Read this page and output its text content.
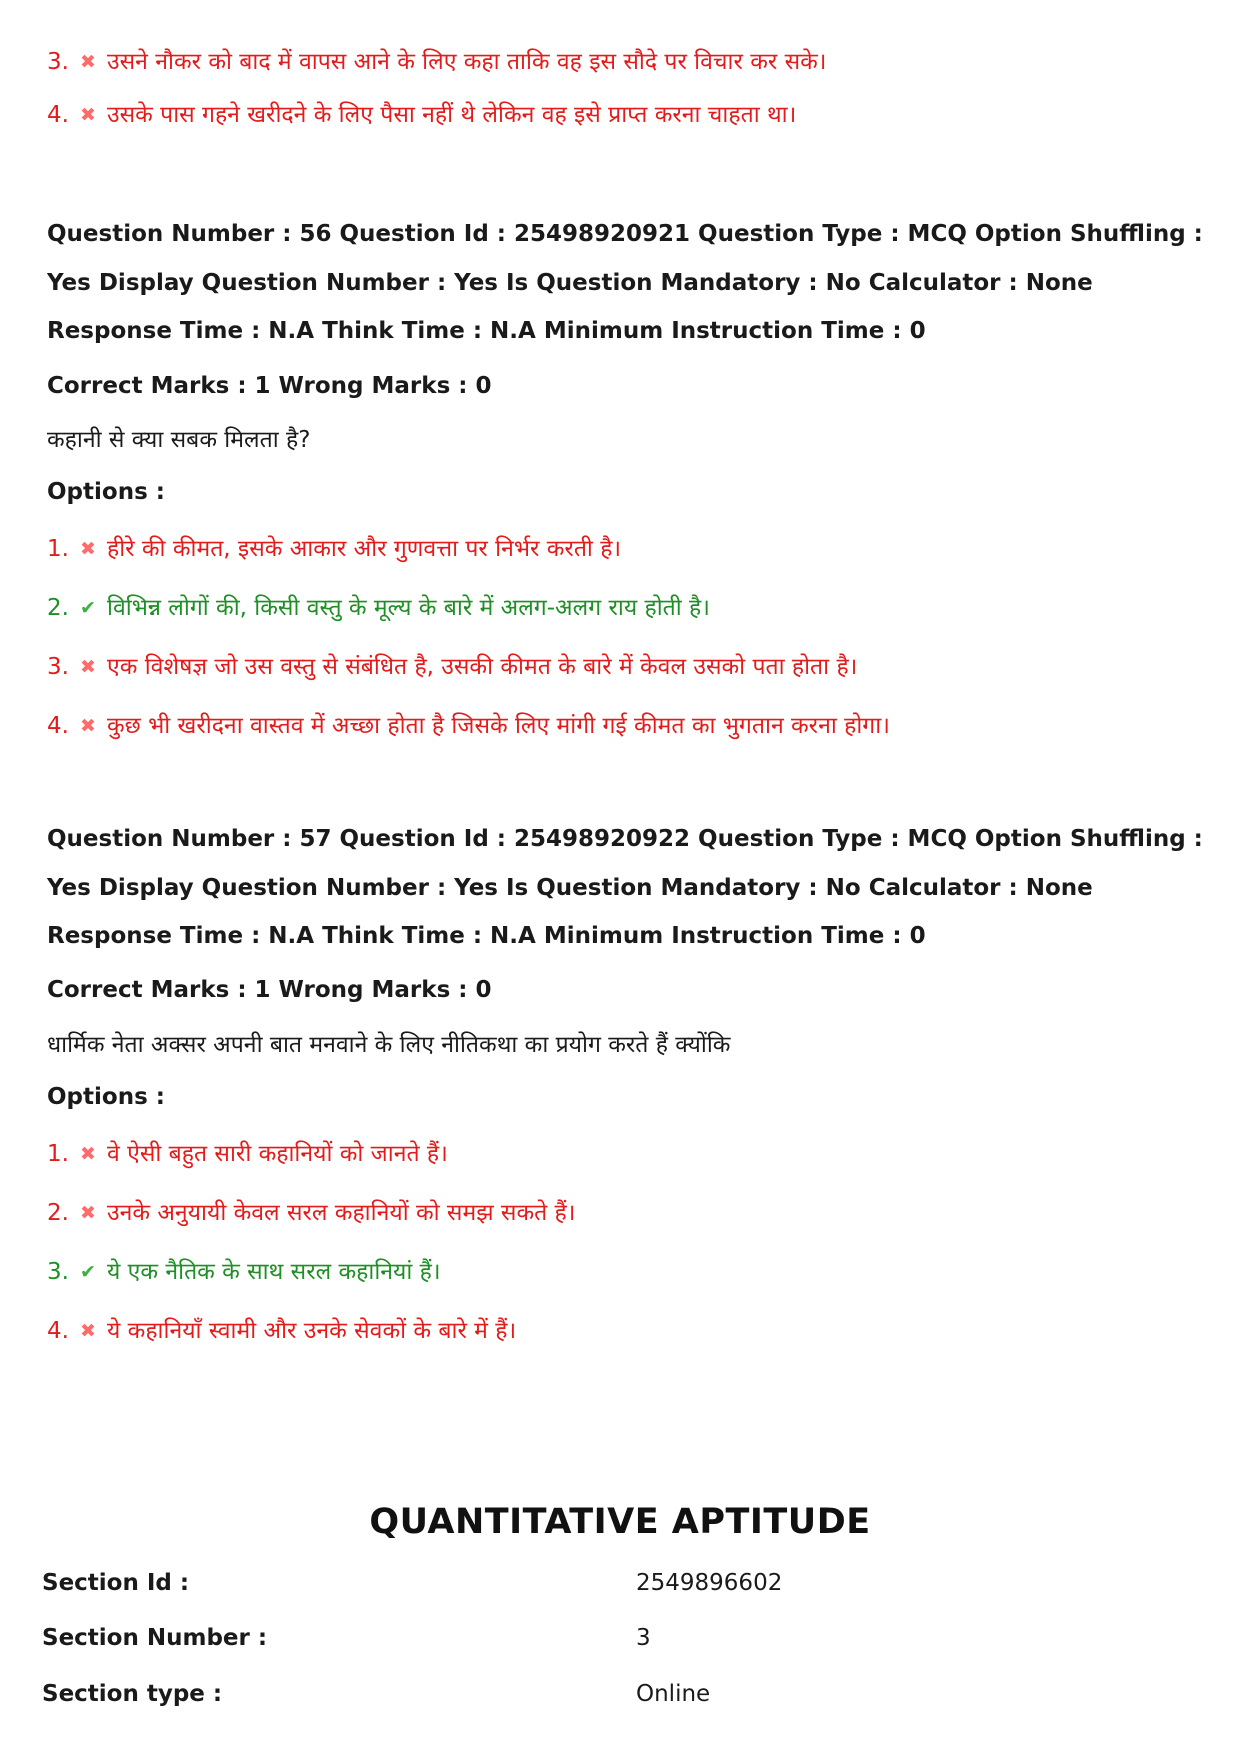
3. ✖ उसने नौकर को बाद में वापस आने के लिए कहा ताकि वह इस सौदे पर विचार कर सके।
4. ✖ उसके पास गहने खरीदने के लिए पैसा नहीं थे लेकिन वह इसे प्राप्त करना चाहता था।
Question Number : 56 Question Id : 25498920921 Question Type : MCQ Option Shuffling : Yes Display Question Number : Yes Is Question Mandatory : No Calculator : None Response Time : N.A Think Time : N.A Minimum Instruction Time : 0
Correct Marks : 1 Wrong Marks : 0
कहानी से क्या सबक मिलता है?
Options :
1. ✖ हीरे की कीमत, इसके आकार और गुणवत्ता पर निर्भर करती है।
2. ✔ विभिन्न लोगों की, किसी वस्तु के मूल्य के बारे में अलग-अलग राय होती है।
3. ✖ एक विशेषज्ञ जो उस वस्तु से संबंधित है, उसकी कीमत के बारे में केवल उसको पता होता है।
4. ✖ कुछ भी खरीदना वास्तव में अच्छा होता है जिसके लिए मांगी गई कीमत का भुगतान करना होगा।
Question Number : 57 Question Id : 25498920922 Question Type : MCQ Option Shuffling : Yes Display Question Number : Yes Is Question Mandatory : No Calculator : None Response Time : N.A Think Time : N.A Minimum Instruction Time : 0
Correct Marks : 1 Wrong Marks : 0
धार्मिक नेता अक्सर अपनी बात मनवाने के लिए नीतिकथा का प्रयोग करते हैं क्योंकि
Options :
1. ✖ वे ऐसी बहुत सारी कहानियों को जानते हैं।
2. ✖ उनके अनुयायी केवल सरल कहानियों को समझ सकते हैं।
3. ✔ ये एक नैतिक के साथ सरल कहानियां हैं।
4. ✖ ये कहानियाँ स्वामी और उनके सेवकों के बारे में हैं।
QUANTITATIVE APTITUDE
Section Id :	2549896602
Section Number :	3
Section type :	Online
